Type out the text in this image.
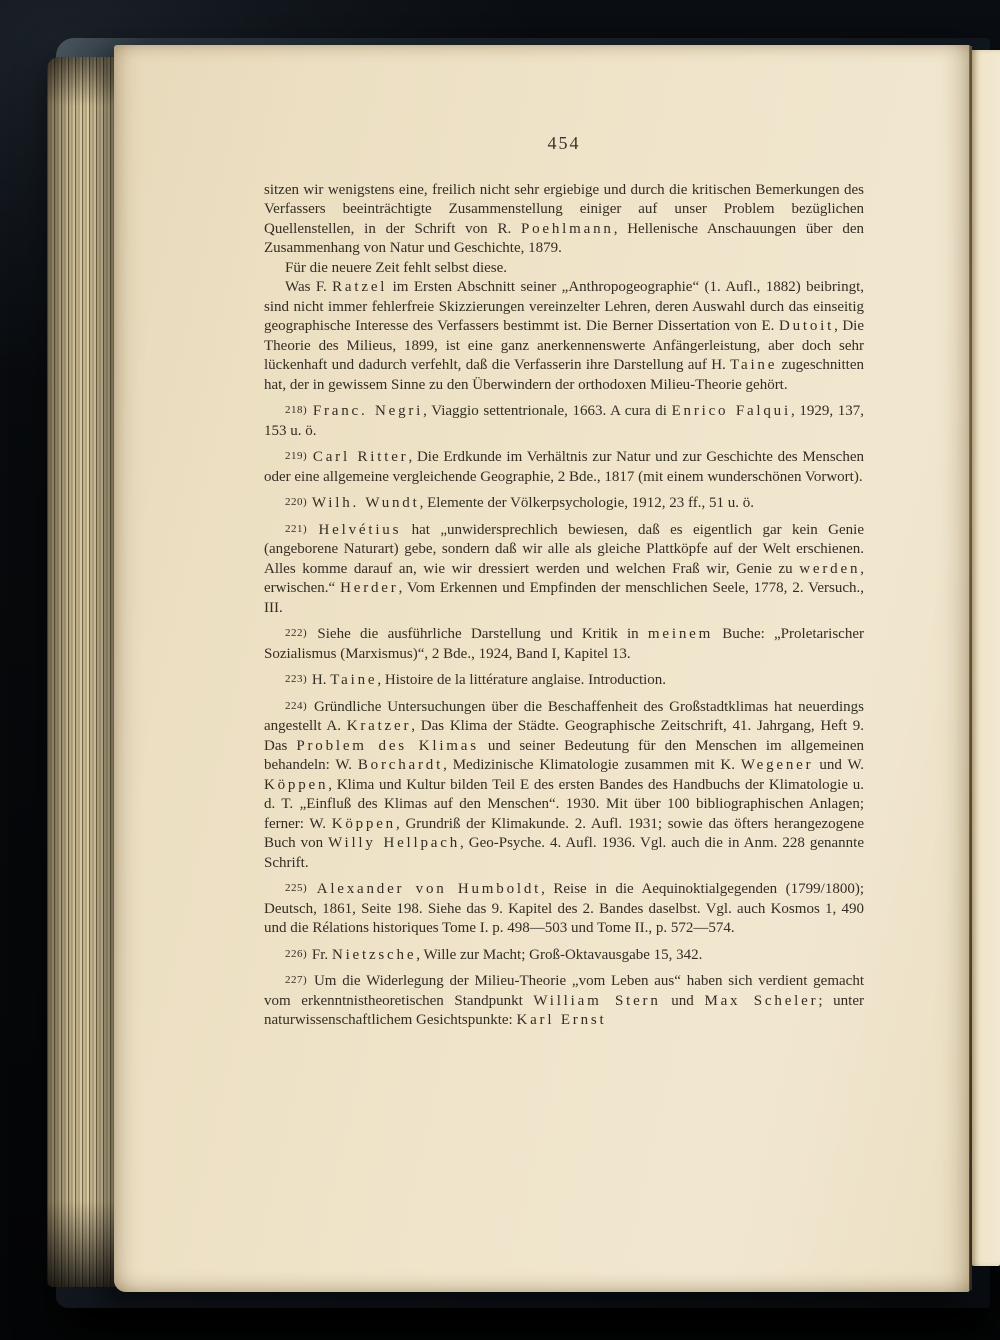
454

sitzen wir wenigstens eine, freilich nicht sehr ergiebige und durch die kritischen Bemerkungen des Verfassers beeinträchtigte Zusammenstellung einiger auf unser Problem bezüglichen Quellenstellen, in der Schrift von R. Poehlmann, Hellenische Anschauungen über den Zusammenhang von Natur und Geschichte, 1879.

Für die neuere Zeit fehlt selbst diese.

Was F. Ratzel im Ersten Abschnitt seiner „Anthropogeographie“ (1. Aufl., 1882) beibringt, sind nicht immer fehlerfreie Skizzierungen vereinzelter Lehren, deren Auswahl durch das einseitig geographische Interesse des Verfassers bestimmt ist. Die Berner Dissertation von E. Dutoit, Die Theorie des Milieus, 1899, ist eine ganz anerkennenswerte Anfängerleistung, aber doch sehr lückenhaft und dadurch verfehlt, daß die Verfasserin ihre Darstellung auf H. Taine zugeschnitten hat, der in gewissem Sinne zu den Überwindern der orthodoxen Milieu-Theorie gehört.

218) Franc. Negri, Viaggio settentrionale, 1663. A cura di Enrico Falqui, 1929, 137, 153 u. ö.

219) Carl Ritter, Die Erdkunde im Verhältnis zur Natur und zur Geschichte des Menschen oder eine allgemeine vergleichende Geographie, 2 Bde., 1817 (mit einem wunderschönen Vorwort).

220) Wilh. Wundt, Elemente der Völkerpsychologie, 1912, 23 ff., 51 u. ö.

221) Helvétius hat „unwidersprechlich bewiesen, daß es eigentlich gar kein Genie (angeborene Naturart) gebe, sondern daß wir alle als gleiche Plattköpfe auf der Welt erschienen. Alles komme darauf an, wie wir dressiert werden und welchen Fraß wir, Genie zu werden, erwischen.“ Herder, Vom Erkennen und Empfinden der menschlichen Seele, 1778, 2. Versuch., III.

222) Siehe die ausführliche Darstellung und Kritik in meinem Buche: „Proletarischer Sozialismus (Marxismus)“, 2 Bde., 1924, Band I, Kapitel 13.

223) H. Taine, Histoire de la littérature anglaise. Introduction.

224) Gründliche Untersuchungen über die Beschaffenheit des Großstadtklimas hat neuerdings angestellt A. Kratzer, Das Klima der Städte. Geographische Zeitschrift, 41. Jahrgang, Heft 9. Das Problem des Klimas und seiner Bedeutung für den Menschen im allgemeinen behandeln: W. Borchardt, Medizinische Klimatologie zusammen mit K. Wegener und W. Köppen, Klima und Kultur bilden Teil E des ersten Bandes des Handbuchs der Klimatologie u. d. T. „Einfluß des Klimas auf den Menschen“. 1930. Mit über 100 bibliographischen Anlagen; ferner: W. Köppen, Grundriß der Klimakunde. 2. Aufl. 1931; sowie das öfters herangezogene Buch von Willy Hellpach, Geo-Psyche. 4. Aufl. 1936. Vgl. auch die in Anm. 228 genannte Schrift.

225) Alexander von Humboldt, Reise in die Aequinoktialgegenden (1799/1800); Deutsch, 1861, Seite 198. Siehe das 9. Kapitel des 2. Bandes daselbst. Vgl. auch Kosmos 1, 490 und die Rélations historiques Tome I. p. 498—503 und Tome II., p. 572—574.

226) Fr. Nietzsche, Wille zur Macht; Groß-Oktavausgabe 15, 342.

227) Um die Widerlegung der Milieu-Theorie „vom Leben aus“ haben sich verdient gemacht vom erkenntnistheoretischen Standpunkt William Stern und Max Scheler; unter naturwissenschaftlichem Gesichtspunkte: Karl Ernst
